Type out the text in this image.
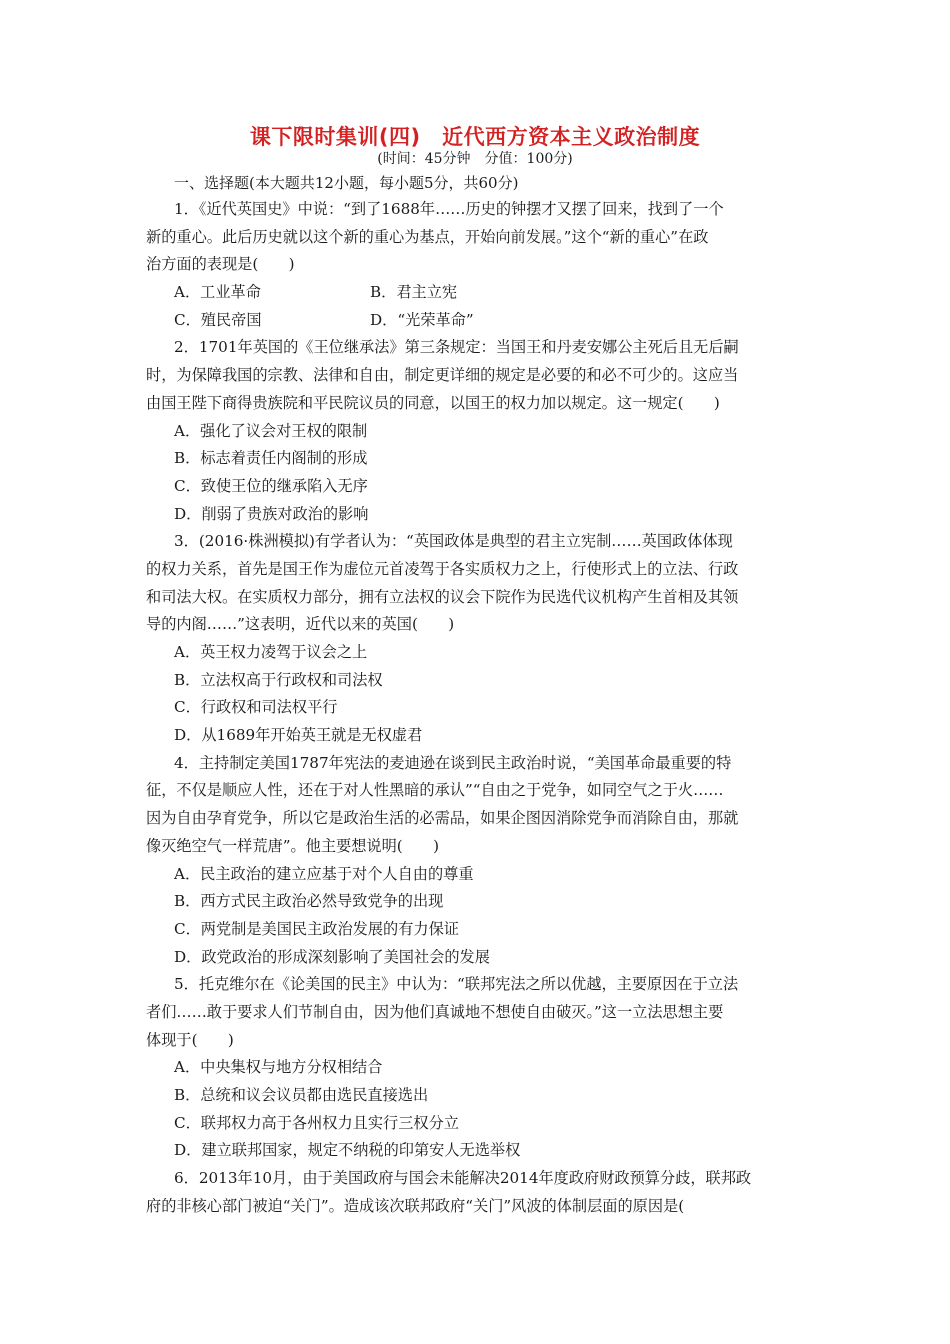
课下限时集训(四)　近代西方资本主义政治制度
(时间：45分钟　分值：100分)
一、选择题(本大题共12小题，每小题5分，共60分)
1．《近代英国史》中说：“到了1688年……历史的钟摆才又摆了回来，找到了一个
新的重心。此后历史就以这个新的重心为基点，开始向前发展。”这个“新的重心”在政
治方面的表现是(　　)
A．工业革命	B．君主立宪
C．殖民帝国	D．“光荣革命”
2．1701年英国的《王位继承法》第三条规定：当国王和丹麦安娜公主死后且无后嗣
时，为保障我国的宗教、法律和自由，制定更详细的规定是必要的和必不可少的。这应当
由国王陛下商得贵族院和平民院议员的同意，以国王的权力加以规定。这一规定(　　)
A．强化了议会对王权的限制
B．标志着责任内阁制的形成
C．致使王位的继承陷入无序
D．削弱了贵族对政治的影响
3．(2016·株洲模拟)有学者认为：“英国政体是典型的君主立宪制……英国政体体现
的权力关系，首先是国王作为虚位元首凌驾于各实质权力之上，行使形式上的立法、行政
和司法大权。在实质权力部分，拥有立法权的议会下院作为民选代议机构产生首相及其领
导的内阁……”这表明，近代以来的英国(　　)
A．英王权力凌驾于议会之上
B．立法权高于行政权和司法权
C．行政权和司法权平行
D．从1689年开始英王就是无权虚君
4．主持制定美国1787年宪法的麦迪逊在谈到民主政治时说，“美国革命最重要的特
征，不仅是顺应人性，还在于对人性黑暗的承认”“自由之于党争，如同空气之于火……
因为自由孕育党争，所以它是政治生活的必需品，如果企图因消除党争而消除自由，那就
像灭绝空气一样荒唐”。他主要想说明(　　)
A．民主政治的建立应基于对个人自由的尊重
B．西方式民主政治必然导致党争的出现
C．两党制是美国民主政治发展的有力保证
D．政党政治的形成深刻影响了美国社会的发展
5．托克维尔在《论美国的民主》中认为：“联邦宪法之所以优越，主要原因在于立法
者们……敢于要求人们节制自由，因为他们真诚地不想使自由破灭。”这一立法思想主要
体现于(　　)
A．中央集权与地方分权相结合
B．总统和议会议员都由选民直接选出
C．联邦权力高于各州权力且实行三权分立
D．建立联邦国家，规定不纳税的印第安人无选举权
6．2013年10月，由于美国政府与国会未能解决2014年度政府财政预算分歧，联邦政
府的非核心部门被迫“关门”。造成该次联邦政府“关门”风波的体制层面的原因是(
